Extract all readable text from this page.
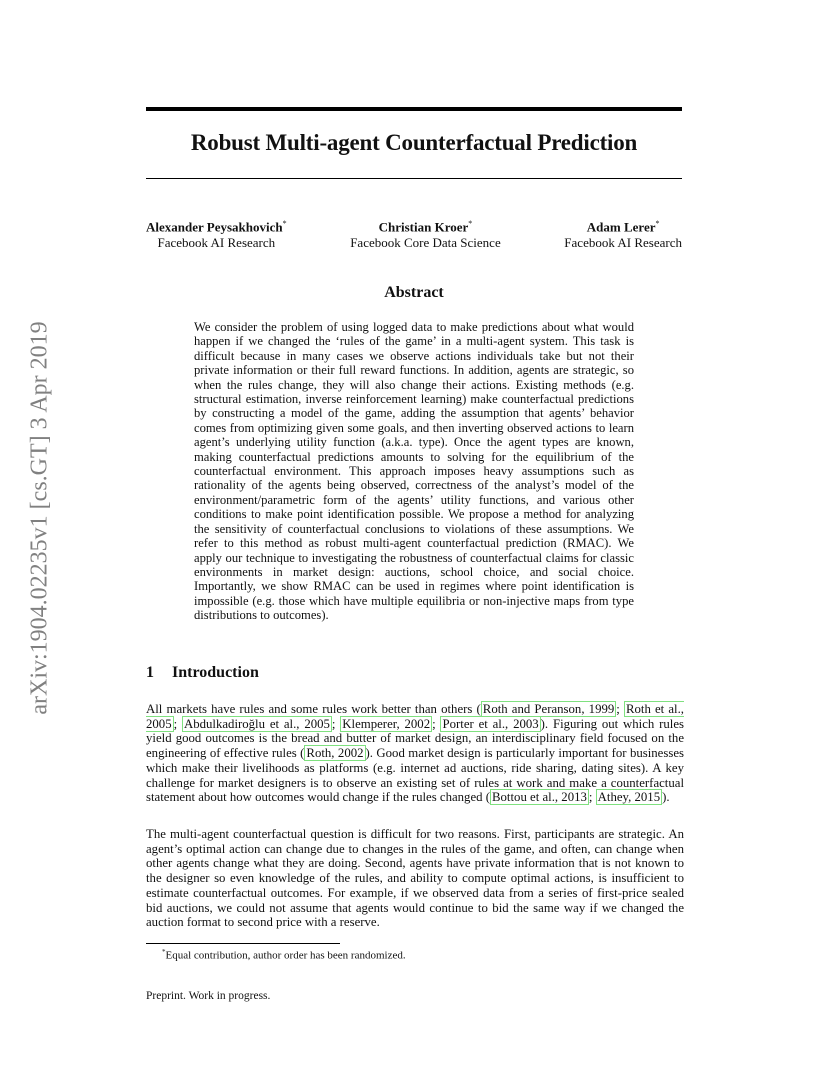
arXiv:1904.02235v1 [cs.GT] 3 Apr 2019
Robust Multi-agent Counterfactual Prediction
Alexander Peysakhovich*
Facebook AI Research
Christian Kroer*
Facebook Core Data Science
Adam Lerer*
Facebook AI Research
Abstract

We consider the problem of using logged data to make predictions about what would happen if we changed the ‘rules of the game’ in a multi-agent system. This task is difficult because in many cases we observe actions individuals take but not their private information or their full reward functions. In addition, agents are strategic, so when the rules change, they will also change their actions. Existing methods (e.g. structural estimation, inverse reinforcement learning) make counterfactual predictions by constructing a model of the game, adding the assumption that agents’ behavior comes from optimizing given some goals, and then inverting observed actions to learn agent’s underlying utility function (a.k.a. type). Once the agent types are known, making counterfactual predictions amounts to solving for the equilibrium of the counterfactual environment. This approach imposes heavy assumptions such as rationality of the agents being observed, correctness of the analyst’s model of the environment/parametric form of the agents’ utility functions, and various other conditions to make point identification possible. We propose a method for analyzing the sensitivity of counterfactual conclusions to violations of these assumptions. We refer to this method as robust multi-agent counterfactual prediction (RMAC). We apply our technique to investigating the robustness of counterfactual claims for classic environments in market design: auctions, school choice, and social choice. Importantly, we show RMAC can be used in regimes where point identification is impossible (e.g. those which have multiple equilibria or non-injective maps from type distributions to outcomes).

1 Introduction

All markets have rules and some rules work better than others ( Roth and Peranson, 1999 ; Roth et al., 2005 ; Abdulkadiroğlu et al., 2005 ; Klemperer, 2002 ; Porter et al., 2003 ). Figuring out which rules yield good outcomes is the bread and butter of market design, an interdisciplinary field focused on the engineering of effective rules ( Roth, 2002 ). Good market design is particularly important for businesses which make their livelihoods as platforms (e.g. internet ad auctions, ride sharing, dating sites). A key challenge for market designers is to observe an existing set of rules at work and make a counterfactual statement about how outcomes would change if the rules changed ( Bottou et al., 2013 ; Athey, 2015 ).

The multi-agent counterfactual question is difficult for two reasons. First, participants are strategic. An agent’s optimal action can change due to changes in the rules of the game, and often, can change when other agents change what they are doing. Second, agents have private information that is not known to the designer so even knowledge of the rules, and ability to compute optimal actions, is insufficient to estimate counterfactual outcomes. For example, if we observed data from a series of first-price sealed bid auctions, we could not assume that agents would continue to bid the same way if we changed the auction format to second price with a reserve.

*Equal contribution, author order has been randomized.
Preprint. Work in progress.
